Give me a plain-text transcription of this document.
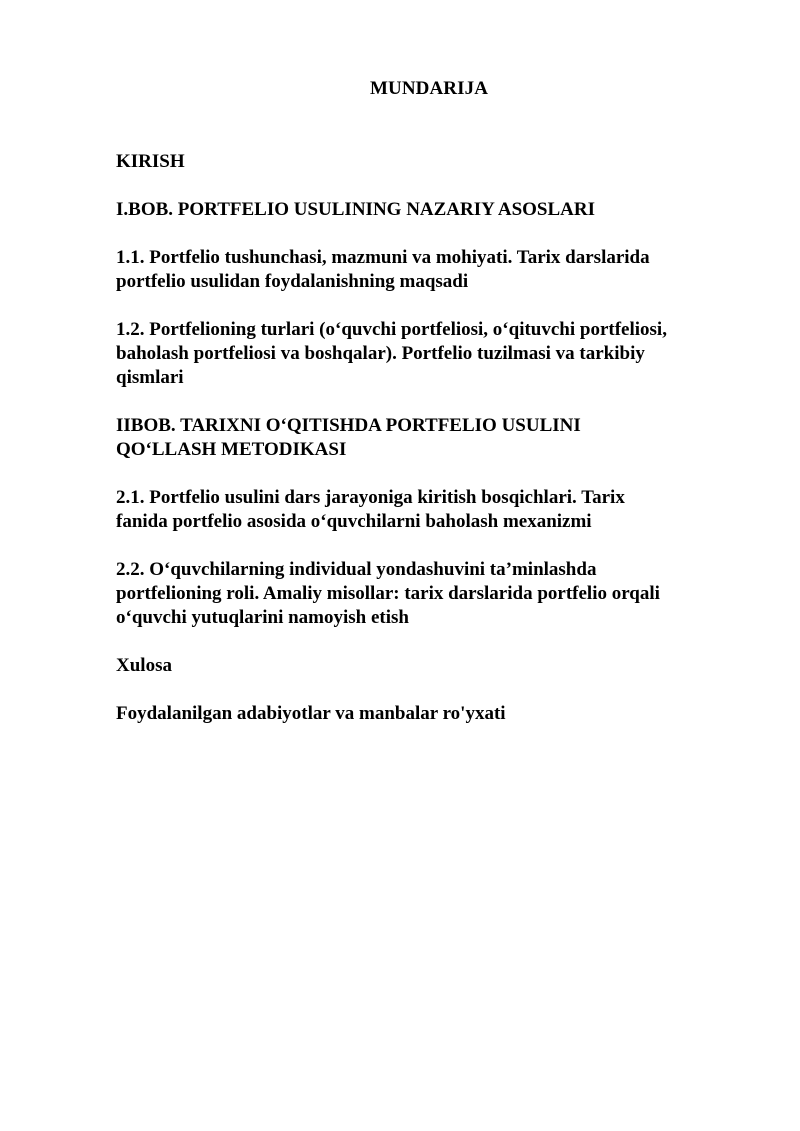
MUNDARIJA
KIRISH
I.BOB. PORTFELIO USULINING NAZARIY ASOSLARI
1.1. Portfelio tushunchasi, mazmuni va mohiyati. Tarix darslarida
portfelio usulidan foydalanishning maqsadi
1.2. Portfelioning turlari (o‘quvchi portfeliosi, o‘qituvchi portfeliosi,
baholash portfeliosi va boshqalar). Portfelio tuzilmasi va tarkibiy
qismlari
IIBOB. TARIXNI O‘QITISHDA PORTFELIO USULINI
QO‘LLASH METODIKASI
2.1. Portfelio usulini dars jarayoniga kiritish bosqichlari. Tarix
fanida portfelio asosida o‘quvchilarni baholash mexanizmi
2.2. O‘quvchilarning individual yondashuvini ta’minlashda
portfelioning roli. Amaliy misollar: tarix darslarida portfelio orqali
o‘quvchi yutuqlarini namoyish etish
Xulosa
Foydalanilgan adabiyotlar va manbalar ro'yxati
